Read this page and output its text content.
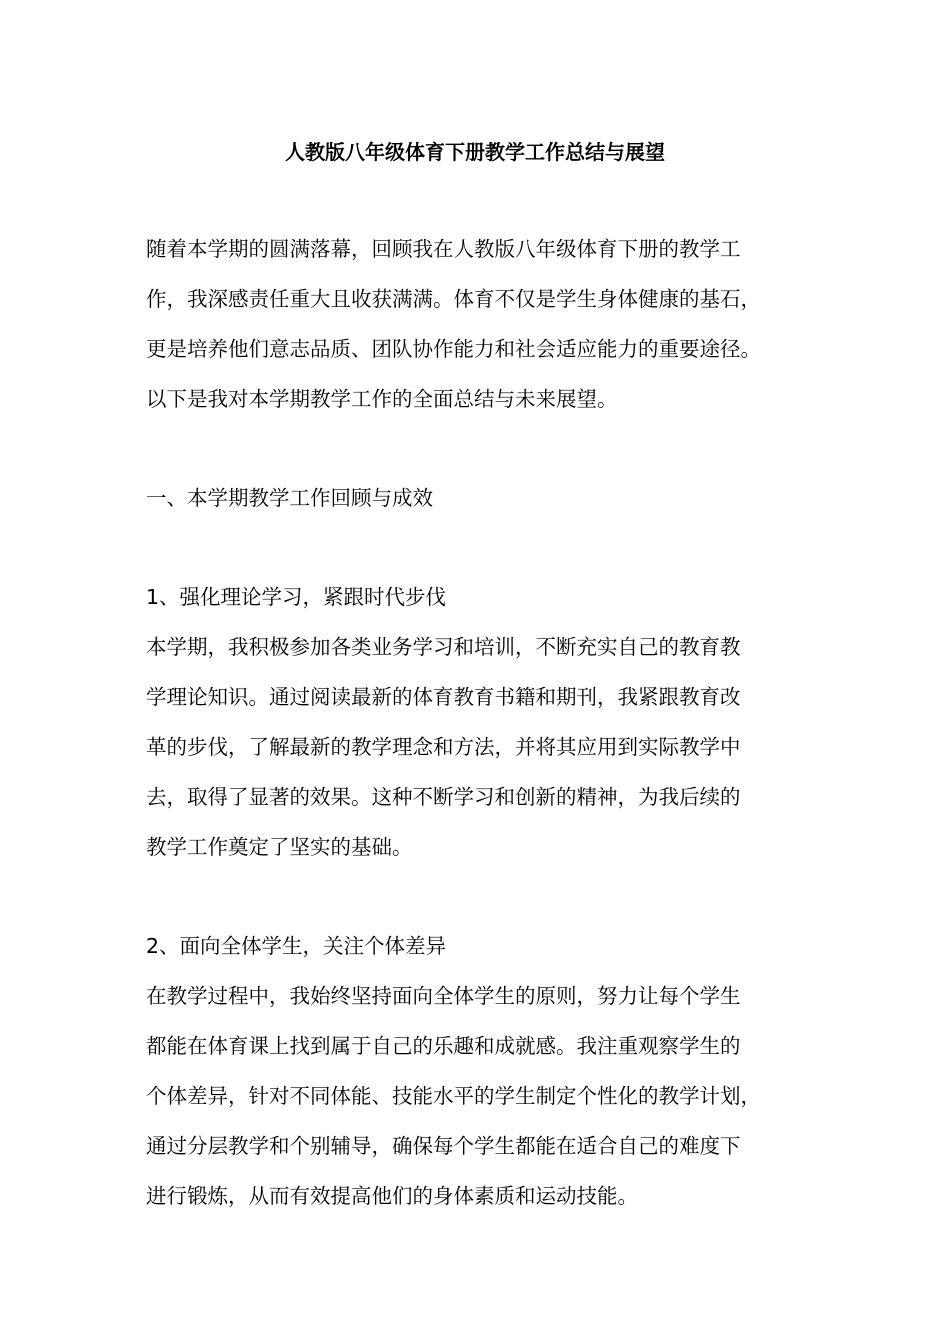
人教版八年级体育下册教学工作总结与展望
随着本学期的圆满落幕，回顾我在人教版八年级体育下册的教学工
作，我深感责任重大且收获满满。体育不仅是学生身体健康的基石，
更是培养他们意志品质、团队协作能力和社会适应能力的重要途径。
以下是我对本学期教学工作的全面总结与未来展望。
一、本学期教学工作回顾与成效
1、强化理论学习，紧跟时代步伐
本学期，我积极参加各类业务学习和培训，不断充实自己的教育教
学理论知识。通过阅读最新的体育教育书籍和期刊，我紧跟教育改
革的步伐，了解最新的教学理念和方法，并将其应用到实际教学中
去，取得了显著的效果。这种不断学习和创新的精神，为我后续的
教学工作奠定了坚实的基础。
2、面向全体学生，关注个体差异
在教学过程中，我始终坚持面向全体学生的原则，努力让每个学生
都能在体育课上找到属于自己的乐趣和成就感。我注重观察学生的
个体差异，针对不同体能、技能水平的学生制定个性化的教学计划，
通过分层教学和个别辅导，确保每个学生都能在适合自己的难度下
进行锻炼，从而有效提高他们的身体素质和运动技能。
